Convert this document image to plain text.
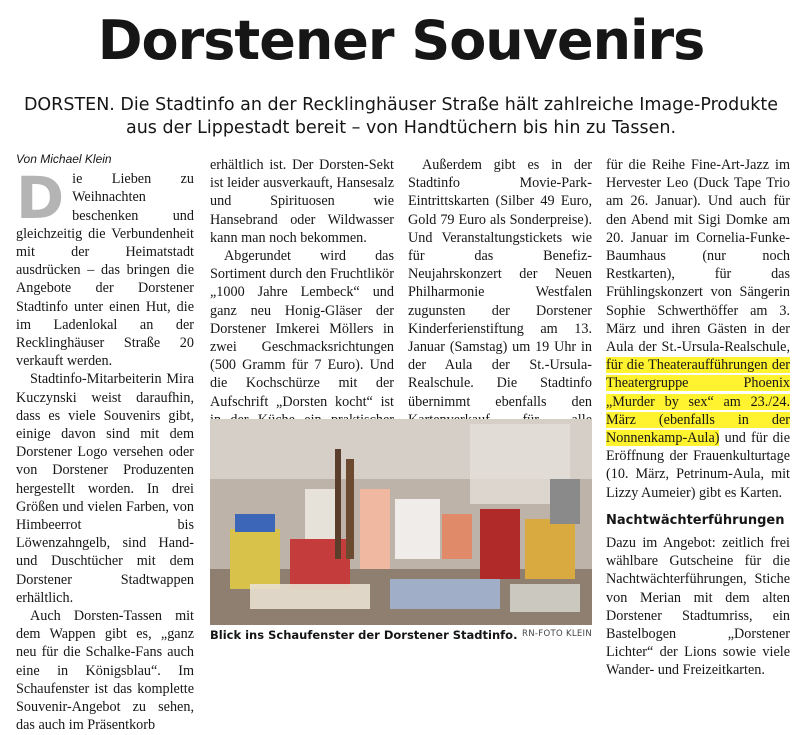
Dorstener Souvenirs
DORSTEN. Die Stadtinfo an der Recklinghäuser Straße hält zahlreiche Image-Produkte aus der Lippestadt bereit – von Handtüchern bis hin zu Tassen.
Von Michael Klein

Die Lieben zu Weihnachten beschenken und gleichzeitig die Verbundenheit mit der Heimatstadt ausdrücken – das bringen die Angebote der Dorstener Stadtinfo unter einen Hut, die im Ladenlokal an der Recklinghäuser Straße 20 verkauft werden.

Stadtinfo-Mitarbeiterin Mira Kuczynski weist daraufhin, dass es viele Souvenirs gibt, einige davon sind mit dem Dorstener Logo versehen oder von Dorstener Produzenten hergestellt worden. In drei Größen und vielen Farben, von Himbeerrot bis Löwenzahngelb, sind Hand- und Duschtücher mit dem Dorstener Stadtwappen erhältlich.

Auch Dorsten-Tassen mit dem Wappen gibt es, „ganz neu für die Schalke-Fans auch eine in Königsblau“. Im Schaufenster ist das komplette Souvenir-Angebot zu sehen, das auch im Präsentkorb

erhältlich ist. Der Dorsten-Sekt ist leider ausverkauft, Hansesalz und Spirituosen wie Hansebrand oder Wildwasser kann man noch bekommen.

Abgerundet wird das Sortiment durch den Fruchtlikör „1000 Jahre Lembeck“ und ganz neu Honig-Gläser der Dorstener Imkerei Möllers in zwei Geschmacksrichtungen (500 Gramm für 7 Euro). Und die Kochschürze mit der Aufschrift „Dorsten kocht“ ist

Außerdem gibt es in der Stadtinfo Movie-Park-Eintrittskarten (Silber 49 Euro, Gold 79 Euro als Sonderpreise). Und Veranstaltungstickets wie für das Benefiz-Neujahrskonzert der Neuen Philharmonie Westfalen zugunsten der Dorstener Kinderferienstiftung am 13. Januar (Samstag) um 19 Uhr in der Aula der St.-Ursula-Realschule. Die Stadtinfo übernimmt ebenfalls den

für die Reihe Fine-Art-Jazz im Hervester Leo (Duck Tape Trio am 26. Januar). Und auch für den Abend mit Sigi Domke am 20. Januar im Cornelia-Funke-Baumhaus (nur noch Restkarten), für das Frühlingskonzert von Sängerin Sophie Schwerthöffer am 3. März und ihren Gästen in der Aula der St.-Ursula-Realschule, für die Theateraufführungen der Theatergruppe Phoenix „Murder by sex“ am 23./24. März (ebenfalls in der Nonnenkamp-Aula) und für die Eröffnung der Frauenkulturtage (10. März, Petrinum-Aula, mit Lizzy Aumeier) gibt es Karten.

Nachtwächterführungen

Dazu im Angebot: zeitlich frei wählbare Gutscheine für die Nachtwächterführungen, Stiche von Merian mit dem alten Dorstener Stadtumriss, ein Bastelbogen „Dorstener Lichter“ der Lions sowie viele Wander- und Freizeitkarten.

Blick ins Schaufenster der Dorstener Stadtinfo. RN-FOTO KLEIN
